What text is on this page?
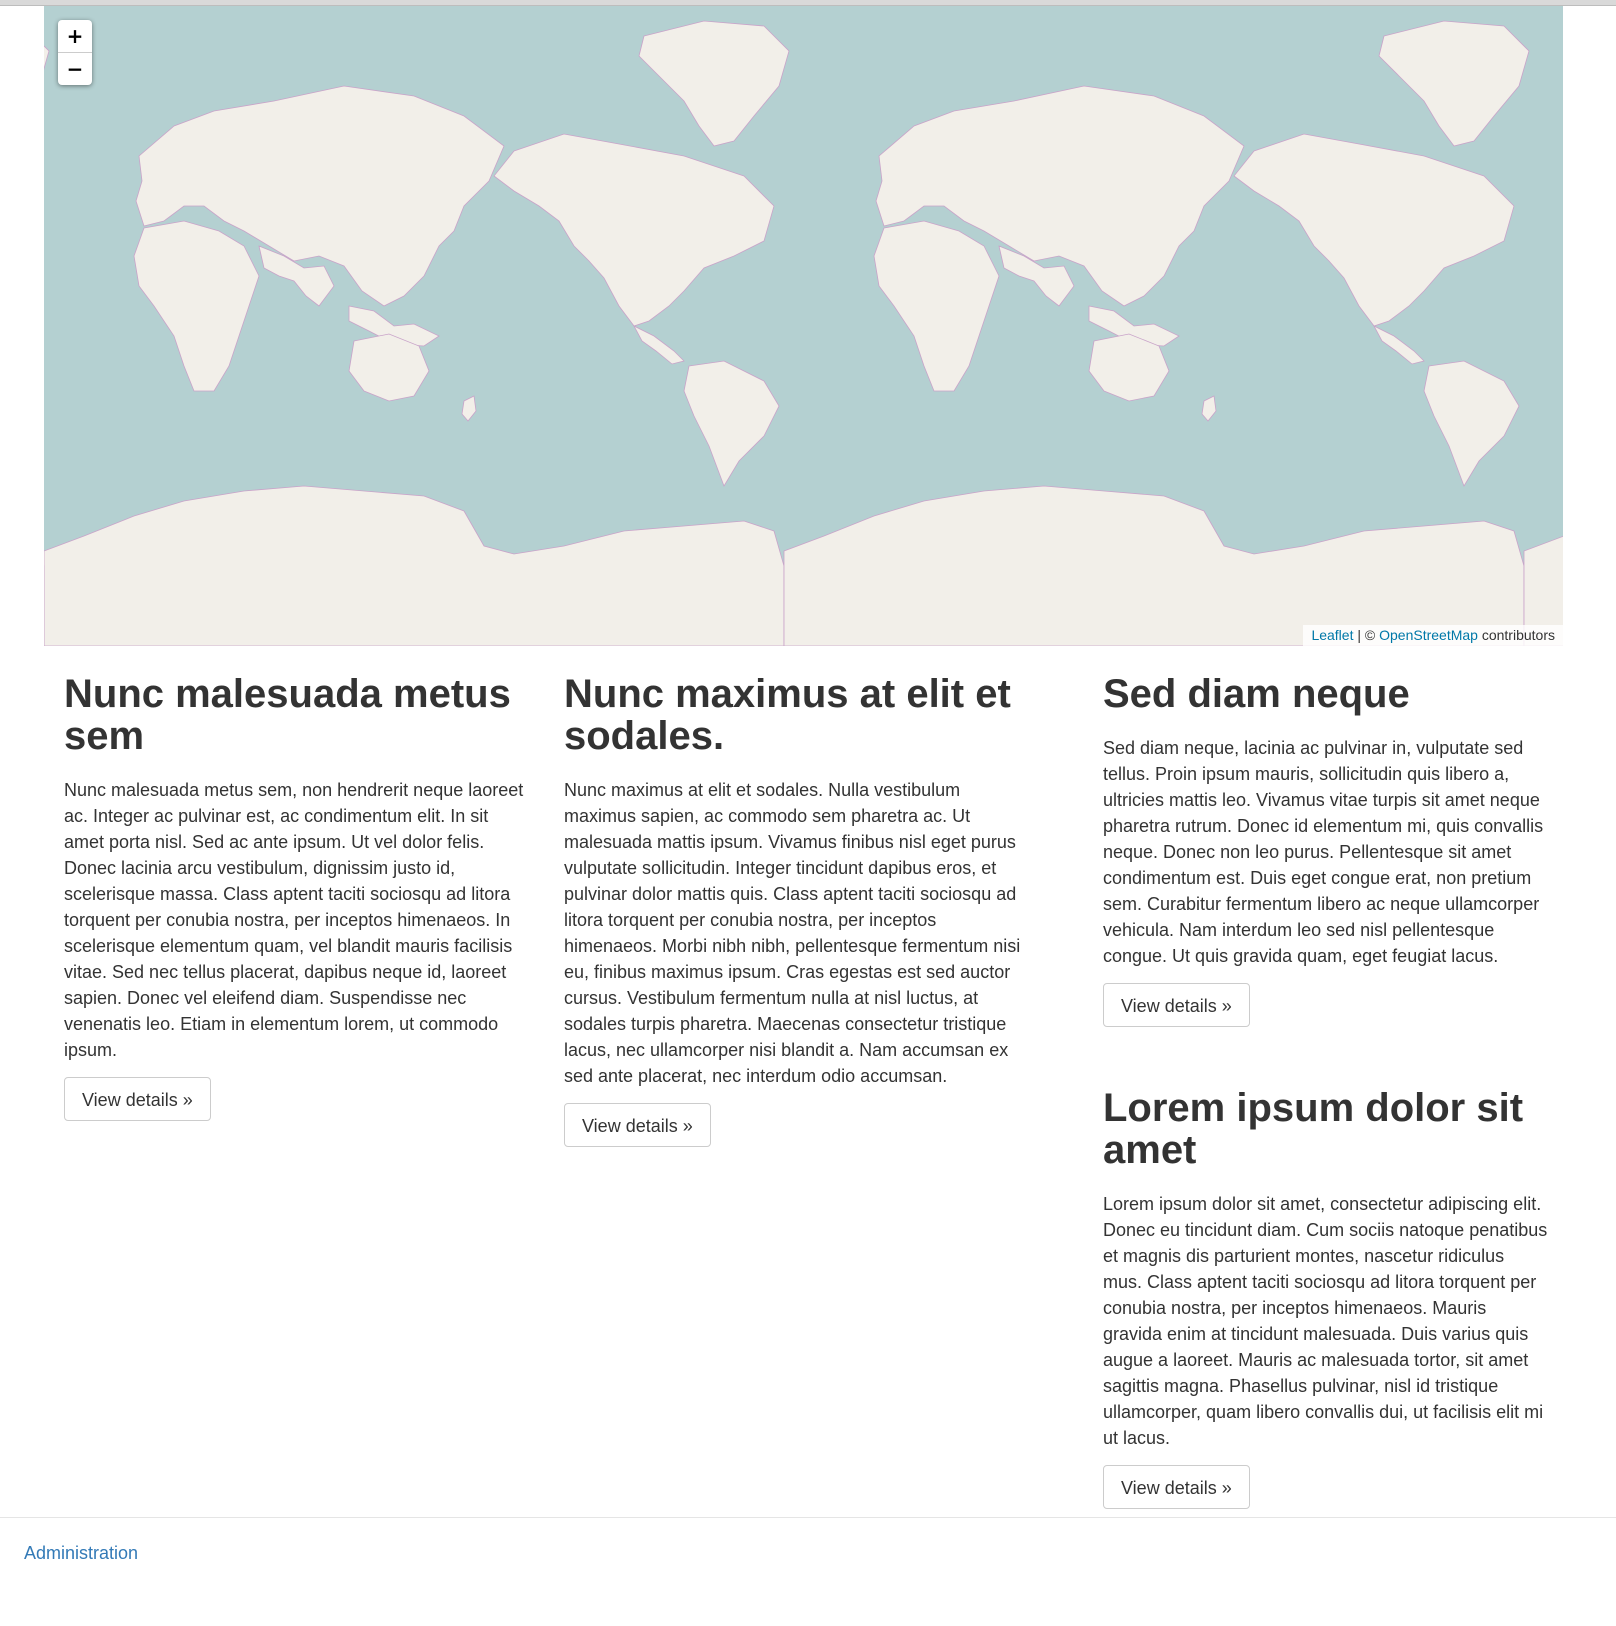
+
−
Leaflet | © OpenStreetMap contributors
Nunc malesuada metus sem

Nunc malesuada metus sem, non hendrerit neque laoreet ac. Integer ac pulvinar est, ac condimentum elit. In sit amet porta nisl. Sed ac ante ipsum. Ut vel dolor felis. Donec lacinia arcu vestibulum, dignissim justo id, scelerisque massa. Class aptent taciti sociosqu ad litora torquent per conubia nostra, per inceptos himenaeos. In scelerisque elementum quam, vel blandit mauris facilisis vitae. Sed nec tellus placerat, dapibus neque id, laoreet sapien. Donec vel eleifend diam. Suspendisse nec venenatis leo. Etiam in elementum lorem, ut commodo ipsum.

View details »
Nunc maximus at elit et sodales.

Nunc maximus at elit et sodales. Nulla vestibulum maximus sapien, ac commodo sem pharetra ac. Ut malesuada mattis ipsum. Vivamus finibus nisl eget purus vulputate sollicitudin. Integer tincidunt dapibus eros, et pulvinar dolor mattis quis. Class aptent taciti sociosqu ad litora torquent per conubia nostra, per inceptos himenaeos. Morbi nibh nibh, pellentesque fermentum nisi eu, finibus maximus ipsum. Cras egestas est sed auctor cursus. Vestibulum fermentum nulla at nisl luctus, at sodales turpis pharetra. Maecenas consectetur tristique lacus, nec ullamcorper nisi blandit a. Nam accumsan ex sed ante placerat, nec interdum odio accumsan.

View details »
Sed diam neque

Sed diam neque, lacinia ac pulvinar in, vulputate sed tellus. Proin ipsum mauris, sollicitudin quis libero a, ultricies mattis leo. Vivamus vitae turpis sit amet neque pharetra rutrum. Donec id elementum mi, quis convallis neque. Donec non leo purus. Pellentesque sit amet condimentum est. Duis eget congue erat, non pretium sem. Curabitur fermentum libero ac neque ullamcorper vehicula. Nam interdum leo sed nisl pellentesque congue. Ut quis gravida quam, eget feugiat lacus.

View details »
Lorem ipsum dolor sit amet

Lorem ipsum dolor sit amet, consectetur adipiscing elit. Donec eu tincidunt diam. Cum sociis natoque penatibus et magnis dis parturient montes, nascetur ridiculus mus. Class aptent taciti sociosqu ad litora torquent per conubia nostra, per inceptos himenaeos. Mauris gravida enim at tincidunt malesuada. Duis varius quis augue a laoreet. Mauris ac malesuada tortor, sit amet sagittis magna. Phasellus pulvinar, nisl id tristique ullamcorper, quam libero convallis dui, ut facilisis elit mi ut lacus.

View details »
Administration
